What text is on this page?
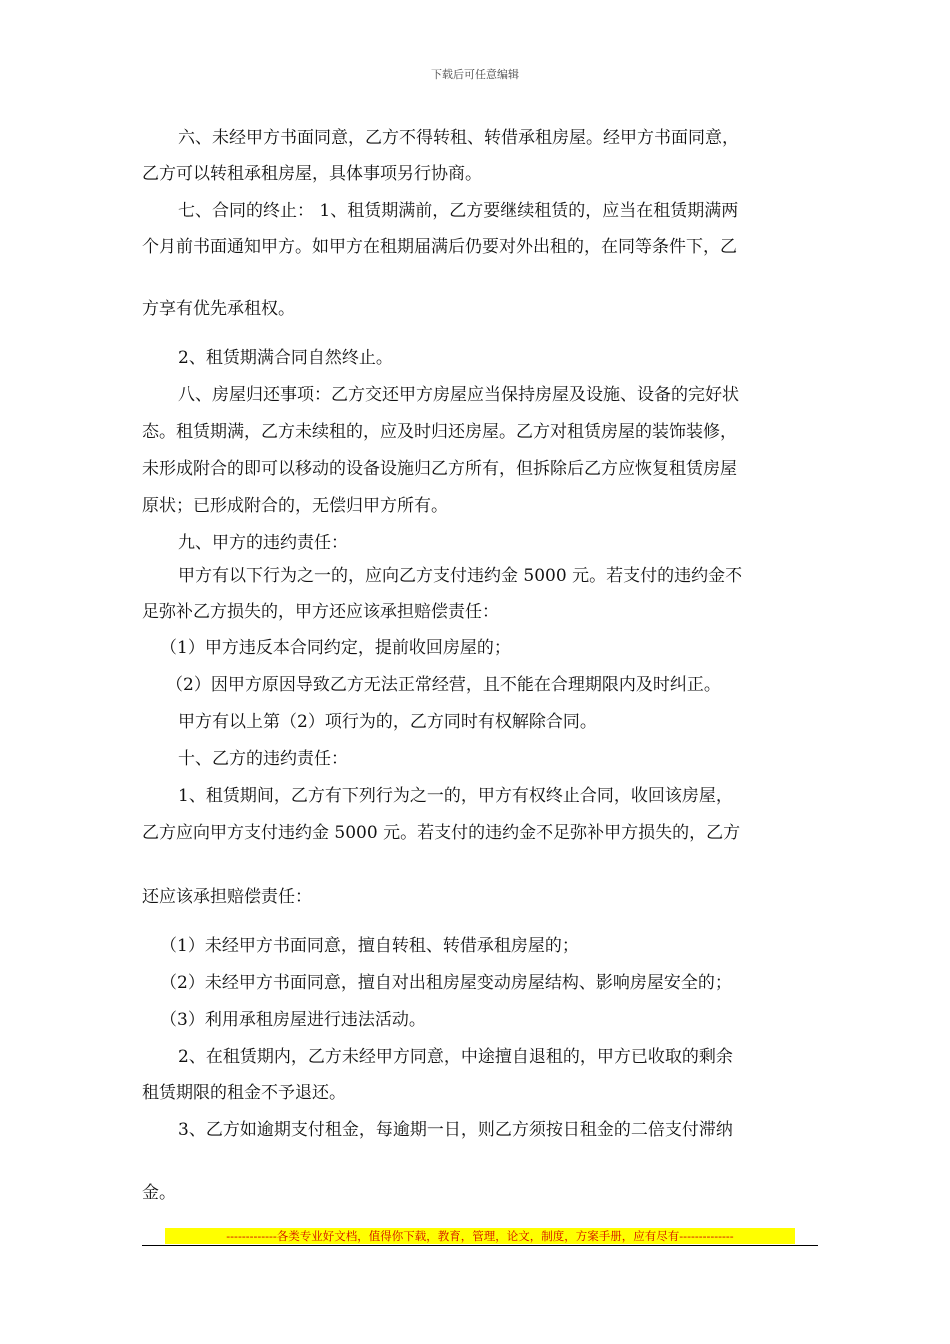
下载后可任意编辑
六、未经甲方书面同意，乙方不得转租、转借承租房屋。经甲方书面同意，
乙方可以转租承租房屋，具体事项另行协商。
七、合同的终止： 1、租赁期满前，乙方要继续租赁的，应当在租赁期满两
个月前书面通知甲方。如甲方在租期届满后仍要对外出租的，在同等条件下，乙
方享有优先承租权。
2、租赁期满合同自然终止。
八、房屋归还事项：乙方交还甲方房屋应当保持房屋及设施、设备的完好状
态。租赁期满，乙方未续租的，应及时归还房屋。乙方对租赁房屋的装饰装修，
未形成附合的即可以移动的设备设施归乙方所有，但拆除后乙方应恢复租赁房屋
原状；已形成附合的，无偿归甲方所有。
九、甲方的违约责任：
甲方有以下行为之一的，应向乙方支付违约金 5000 元。若支付的违约金不
足弥补乙方损失的，甲方还应该承担赔偿责任：
（1）甲方违反本合同约定，提前收回房屋的；
（2）因甲方原因导致乙方无法正常经营，且不能在合理期限内及时纠正。
甲方有以上第（2）项行为的，乙方同时有权解除合同。
十、乙方的违约责任：
1、租赁期间，乙方有下列行为之一的，甲方有权终止合同，收回该房屋，
乙方应向甲方支付违约金 5000 元。若支付的违约金不足弥补甲方损失的，乙方
还应该承担赔偿责任：
（1）未经甲方书面同意，擅自转租、转借承租房屋的；
（2）未经甲方书面同意，擅自对出租房屋变动房屋结构、影响房屋安全的；
（3）利用承租房屋进行违法活动。
2、在租赁期内，乙方未经甲方同意，中途擅自退租的，甲方已收取的剩余
租赁期限的租金不予退还。
3、乙方如逾期支付租金，每逾期一日，则乙方须按日租金的二倍支付滞纳
金。
-------------各类专业好文档，值得你下载，教育，管理，论文，制度，方案手册，应有尽有--------------
